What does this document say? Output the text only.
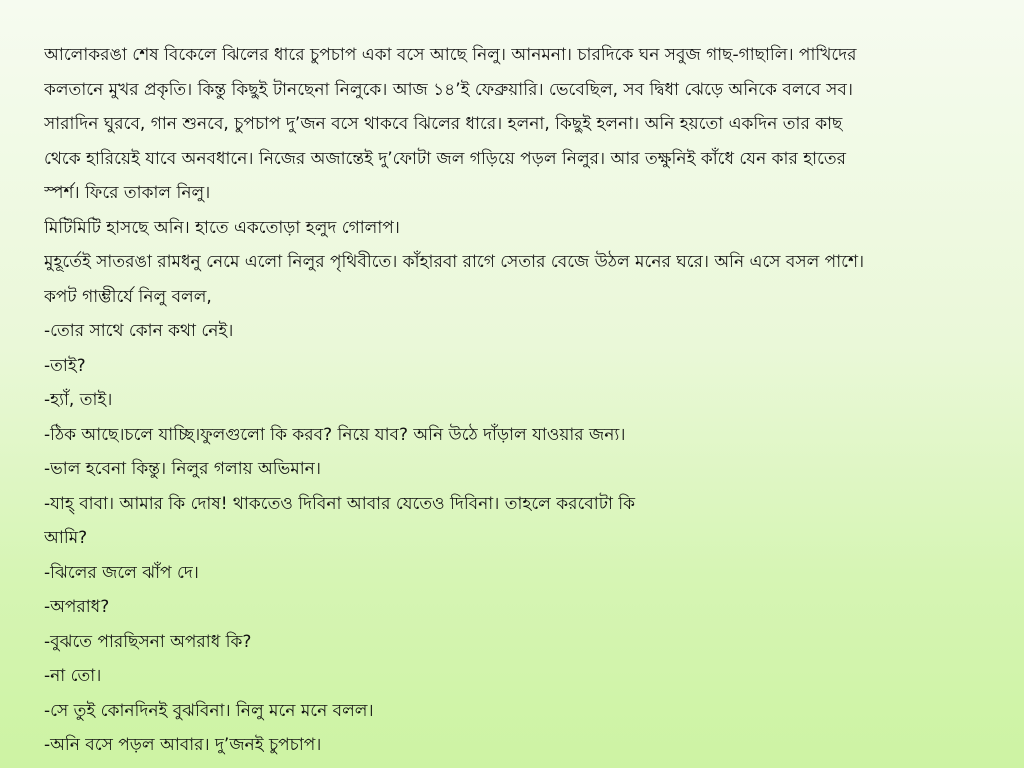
আলোকরঙা শেষ বিকেলে ঝিলের ধারে চুপচাপ একা বসে আছে নিলু। আনমনা। চারদিকে ঘন সবুজ গাছ-গাছালি। পাখিদের
কলতানে মুখর প্রকৃতি। কিন্তু কিছুই টানছেনা নিলুকে। আজ ১৪’ই ফেব্রুয়ারি। ভেবেছিল, সব দ্বিধা ঝেড়ে অনিকে বলবে সব।
সারাদিন ঘুরবে, গান শুনবে, চুপচাপ দু’জন বসে থাকবে ঝিলের ধারে। হলনা, কিছুই হলনা। অনি হয়তো একদিন তার কাছ
থেকে হারিয়েই যাবে অনবধানে। নিজের অজান্তেই দু’ফোটা জল গড়িয়ে পড়ল নিলুর। আর তক্ষুনিই কাঁধে যেন কার হাতের
স্পর্শ। ফিরে তাকাল নিলু।
মিটিমিটি হাসছে অনি। হাতে একতোড়া হলুদ গোলাপ।
মুহূর্তেই সাতরঙা রামধনু নেমে এলো নিলুর পৃথিবীতে। কাঁহারবা রাগে সেতার বেজে উঠল মনের ঘরে। অনি এসে বসল পাশে।
কপট গাম্ভীর্যে নিলু বলল,
-তোর সাথে কোন কথা নেই।
-তাই?
-হ্যাঁ, তাই।
-ঠিক আছে।চলে যাচ্ছি।ফুলগুলো কি করব? নিয়ে যাব? অনি উঠে দাঁড়াল যাওয়ার জন্য।
-ভাল হবেনা কিন্তু। নিলুর গলায় অভিমান।
-যাহ্ বাবা। আমার কি দোষ! থাকতেও দিবিনা আবার যেতেও দিবিনা। তাহলে করবোটা কি
আমি?
-ঝিলের জলে ঝাঁপ দে।
-অপরাধ?
-বুঝতে পারছিসনা অপরাধ কি?
-না তো।
-সে তুই কোনদিনই বুঝবিনা। নিলু মনে মনে বলল।
-অনি বসে পড়ল আবার। দু’জনই চুপচাপ।
